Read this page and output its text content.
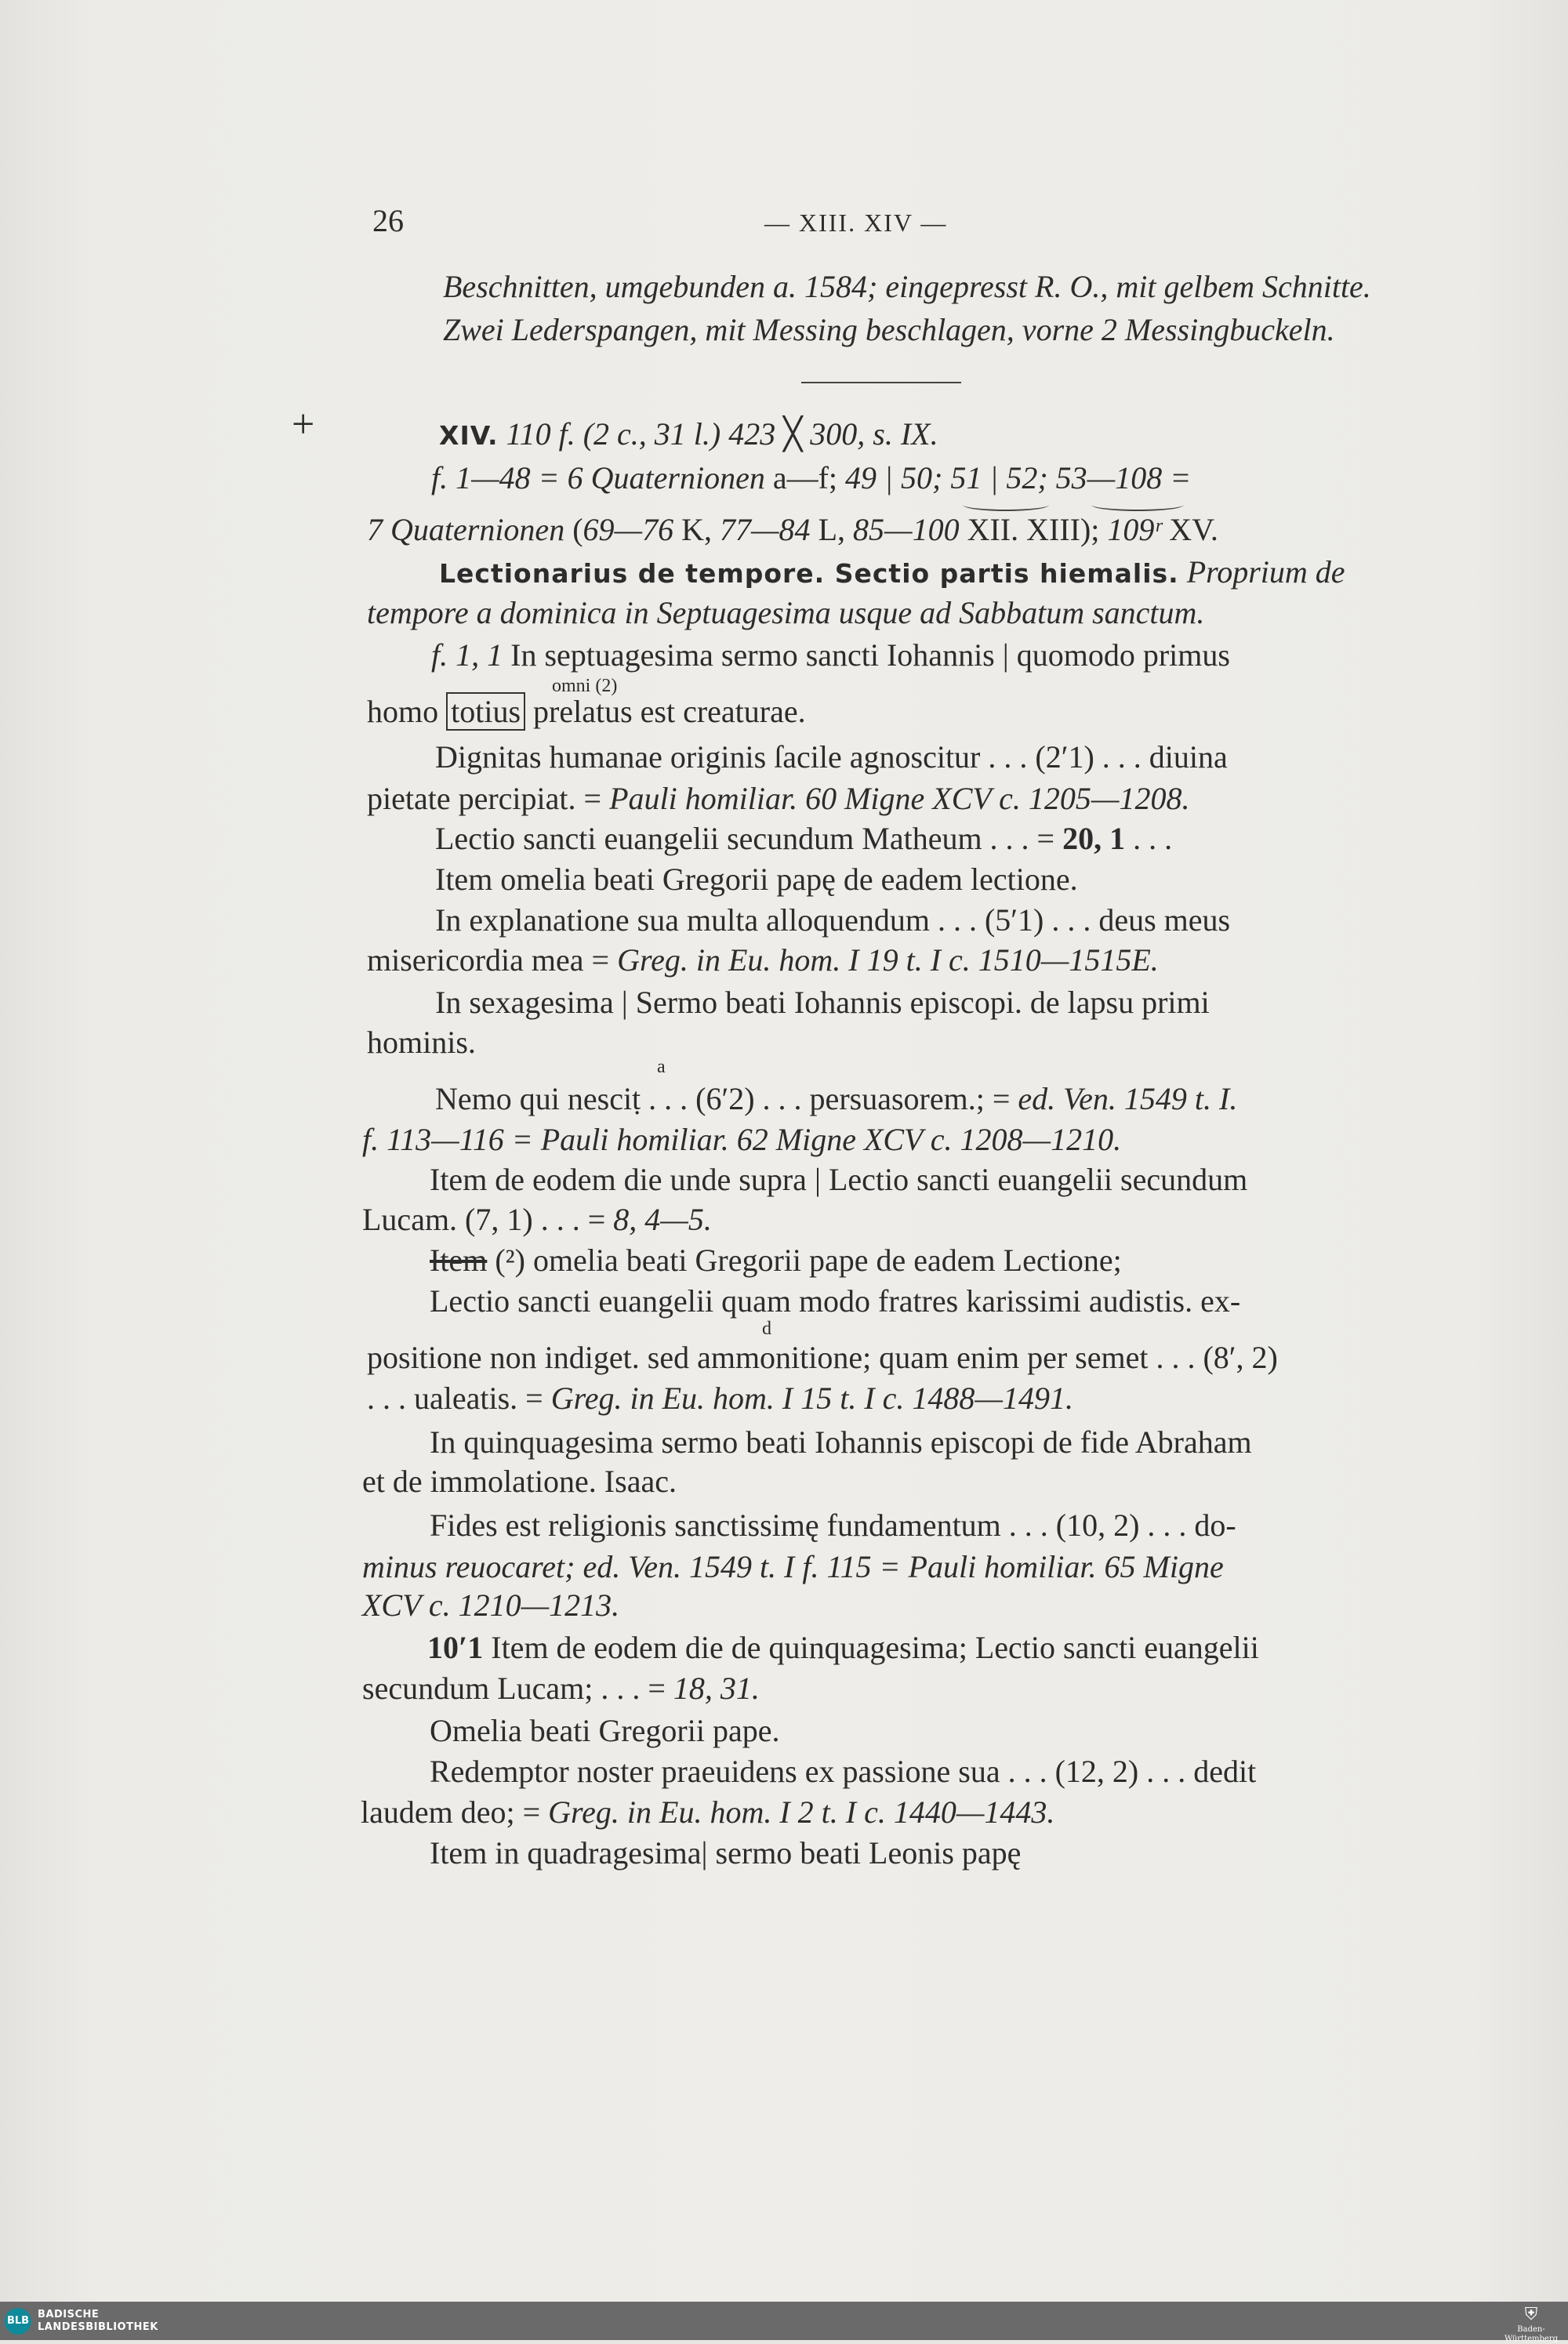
26	— XIII. XIV —
+
Beschnitten, umgebunden a. 1584; eingepresst R. O., mit gelbem Schnitte.
Zwei Lederspangen, mit Messing beschlagen, vorne 2 Messingbuckeln.
XIV. 110 f. (2 c., 31 l.) 423 ╳ 300, s. IX.
f. 1—48 = 6 Quaternionen a—f; 49 | 50; 51 | 52; 53—108 =
7 Quaternionen (69—76 K, 77—84 L, 85—100 XII. XIII); 109ʳ XV.
Lectionarius de tempore. Sectio partis hiemalis. Proprium de
tempore a dominica in Septuagesima usque ad Sabbatum sanctum.
f. 1, 1 In septuagesima sermo sancti Iohannis | quomodo primus
omni (2)
homo totius prelatus est creaturae.
Dignitas humanae originis ſacile agnoscitur . . . (2′1) . . . diuina
pietate percipiat. = Pauli homiliar. 60 Migne XCV c. 1205—1208.
Lectio sancti euangelii secundum Matheum . . . = 20, 1 . . .
Item omelia beati Gregorii papę de eadem lectione.
In explanatione sua multa alloquendum . . . (5′1) . . . deus meus
misericordia mea = Greg. in Eu. hom. I 19 t. I c. 1510—1515E.
In sexagesima | Sermo beati Iohannis episcopi. de lapsu primi
hominis.
a
Nemo qui nesciṭ . . . (6′2) . . . persuasorem.; = ed. Ven. 1549 t. I.
f. 113—116 = Pauli homiliar. 62 Migne XCV c. 1208—1210.
Item de eodem die unde supra | Lectio sancti euangelii secundum
Lucam. (7, 1) . . . = 8, 4—5.
Item (²) omelia beati Gregorii pape de eadem Lectione;
Lectio sancti euangelii quam modo fratres karissimi audistis. ex-
d
positione non indiget. sed ammonitione; quam enim per semet . . . (8′, 2)
. . . ualeatis. = Greg. in Eu. hom. I 15 t. I c. 1488—1491.
In quinquagesima sermo beati Iohannis episcopi de fide Abraham
et de immolatione. Isaac.
Fides est religionis sanctissimę fundamentum . . . (10, 2) . . . do-
minus reuocaret; ed. Ven. 1549 t. I f. 115 = Pauli homiliar. 65 Migne
XCV c. 1210—1213.
10′1 Item de eodem die de quinquagesima; Lectio sancti euangelii
secundum Lucam; . . . = 18, 31.
Omelia beati Gregorii pape.
Redemptor noster praeuidens ex passione sua . . . (12, 2) . . . dedit
laudem deo; = Greg. in Eu. hom. I 2 t. I c. 1440—1443.
Item in quadragesima| sermo beati Leonis papę
BLB
BADISCHE
LANDESBIBLIOTHEK
⛨
Baden-Württemberg
